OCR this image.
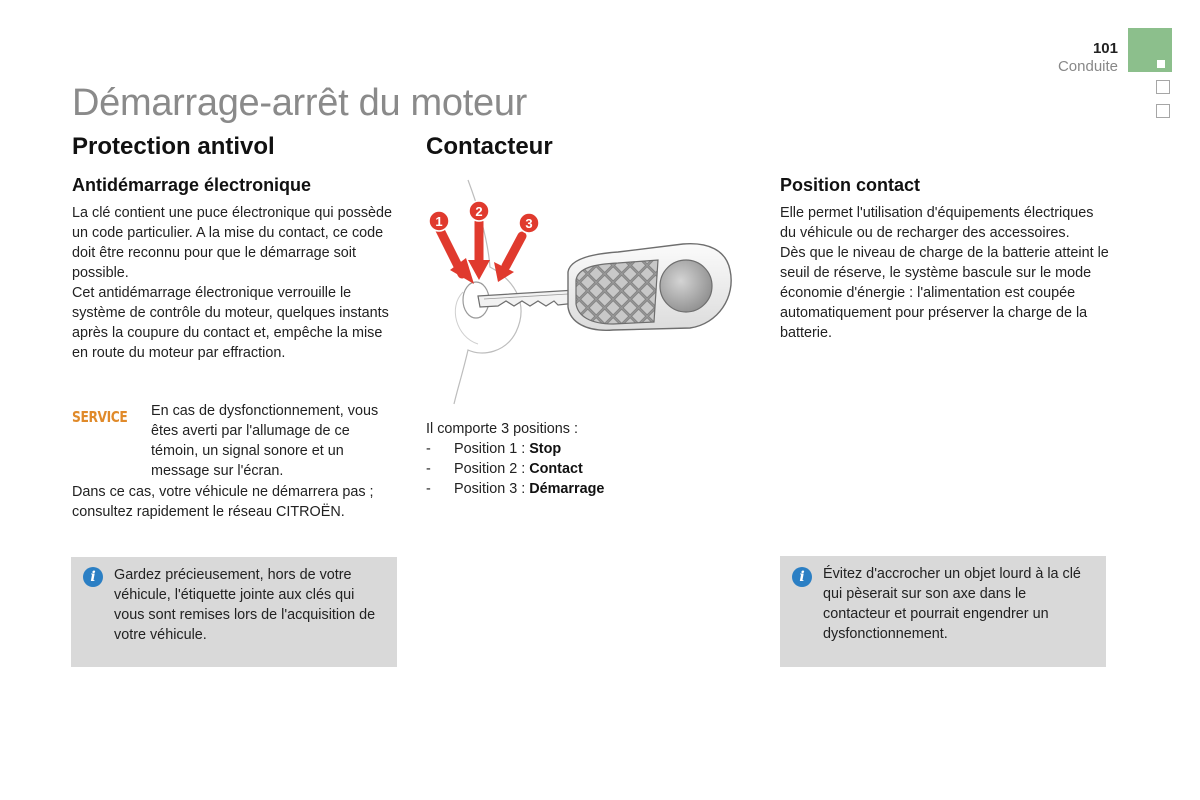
101
Conduite
Démarrage-arrêt du moteur
Protection antivol
Antidémarrage électronique

La clé contient une puce électronique qui possède un code particulier. A la mise du contact, ce code doit être reconnu pour que le démarrage soit possible.

Cet antidémarrage électronique verrouille le système de contrôle du moteur, quelques instants après la coupure du contact et, empêche la mise en route du moteur par effraction.

SERVICE En cas de dysfonctionnement, vous êtes averti par l'allumage de ce témoin, un signal sonore et un message sur l'écran.
Dans ce cas, votre véhicule ne démarrera pas ; consultez rapidement le réseau CITROËN.
i	Gardez précieusement, hors de votre véhicule, l'étiquette jointe aux clés qui vous sont remises lors de l'acquisition de votre véhicule.
Contacteur
1
2
3
Il comporte 3 positions :
- Position 1 : Stop
- Position 2 : Contact
- Position 3 : Démarrage
Position contact

Elle permet l'utilisation d'équipements électriques du véhicule ou de recharger des accessoires.

Dès que le niveau de charge de la batterie atteint le seuil de réserve, le système bascule sur le mode économie d'énergie : l'alimentation est coupée automatiquement pour préserver la charge de la batterie.

i	Évitez d'accrocher un objet lourd à la clé qui pèserait sur son axe dans le contacteur et pourrait engendrer un dysfonctionnement.
